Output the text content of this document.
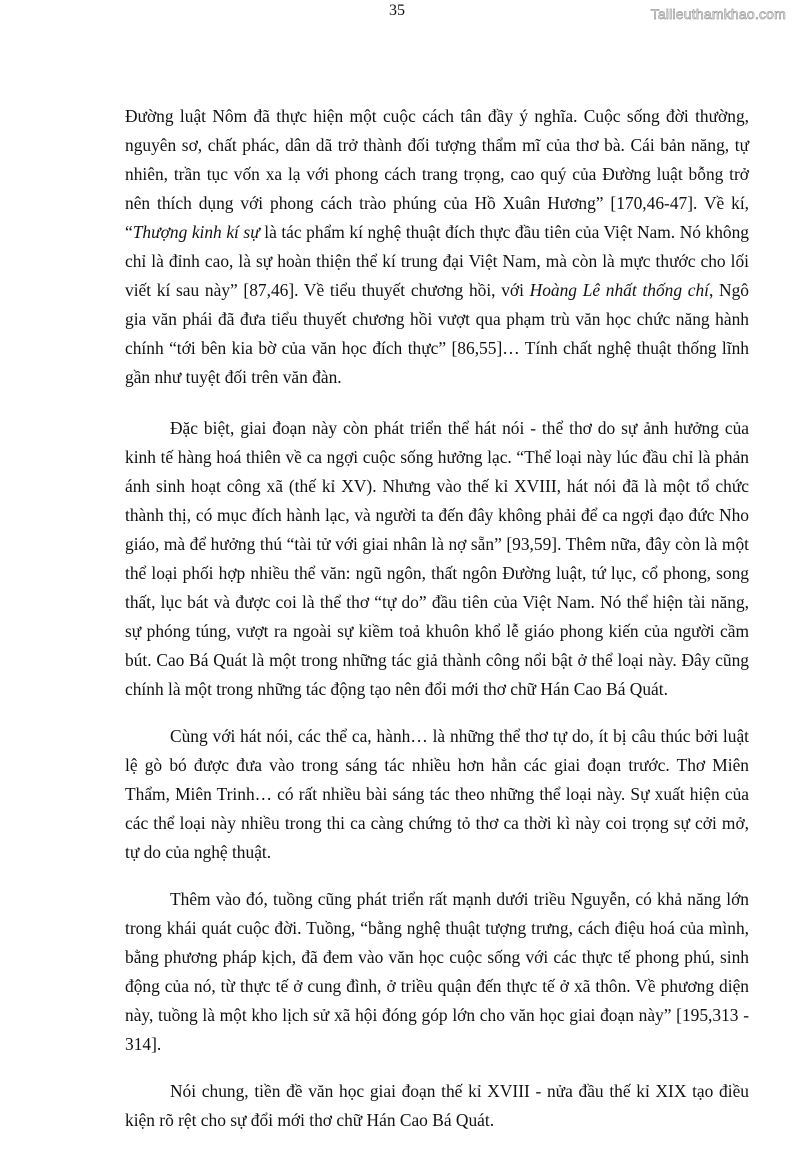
35	Tailieuthamkhao.com

Đường luật Nôm đã thực hiện một cuộc cách tân đầy ý nghĩa. Cuộc sống đời thường, nguyên sơ, chất phác, dân dã trở thành đối tượng thẩm mĩ của thơ bà. Cái bản năng, tự nhiên, trần tục vốn xa lạ với phong cách trang trọng, cao quý của Đường luật bỗng trở nên thích dụng với phong cách trào phúng của Hồ Xuân Hương” [170,46-47]. Về kí, “Thượng kinh kí sự là tác phẩm kí nghệ thuật đích thực đầu tiên của Việt Nam. Nó không chỉ là đỉnh cao, là sự hoàn thiện thể kí trung đại Việt Nam, mà còn là mực thước cho lối viết kí sau này” [87,46]. Về tiểu thuyết chương hồi, với Hoàng Lê nhất thống chí, Ngô gia văn phái đã đưa tiểu thuyết chương hồi vượt qua phạm trù văn học chức năng hành chính “tới bên kia bờ của văn học đích thực” [86,55]… Tính chất nghệ thuật thống lĩnh gần như tuyệt đối trên văn đàn.

Đặc biệt, giai đoạn này còn phát triển thể hát nói - thể thơ do sự ảnh hưởng của kinh tế hàng hoá thiên về ca ngợi cuộc sống hưởng lạc. “Thể loại này lúc đầu chỉ là phản ánh sinh hoạt công xã (thế kỉ XV). Nhưng vào thế kỉ XVIII, hát nói đã là một tổ chức thành thị, có mục đích hành lạc, và người ta đến đây không phải để ca ngợi đạo đức Nho giáo, mà để hưởng thú “tài tử với giai nhân là nợ sẵn” [93,59]. Thêm nữa, đây còn là một thể loại phối hợp nhiều thể văn: ngũ ngôn, thất ngôn Đường luật, tứ lục, cổ phong, song thất, lục bát và được coi là thể thơ “tự do” đầu tiên của Việt Nam. Nó thể hiện tài năng, sự phóng túng, vượt ra ngoài sự kiềm toả khuôn khổ lễ giáo phong kiến của người cầm bút. Cao Bá Quát là một trong những tác giả thành công nổi bật ở thể loại này. Đây cũng chính là một trong những tác động tạo nên đổi mới thơ chữ Hán Cao Bá Quát.

Cùng với hát nói, các thể ca, hành… là những thể thơ tự do, ít bị câu thúc bởi luật lệ gò bó được đưa vào trong sáng tác nhiều hơn hẳn các giai đoạn trước. Thơ Miên Thẩm, Miên Trinh… có rất nhiều bài sáng tác theo những thể loại này. Sự xuất hiện của các thể loại này nhiều trong thi ca càng chứng tỏ thơ ca thời kì này coi trọng sự cởi mở, tự do của nghệ thuật.

Thêm vào đó, tuồng cũng phát triển rất mạnh dưới triều Nguyễn, có khả năng lớn trong khái quát cuộc đời. Tuồng, “bằng nghệ thuật tượng trưng, cách điệu hoá của mình, bằng phương pháp kịch, đã đem vào văn học cuộc sống với các thực tế phong phú, sinh động của nó, từ thực tế ở cung đình, ở triều quận đến thực tế ở xã thôn. Về phương diện này, tuồng là một kho lịch sử xã hội đóng góp lớn cho văn học giai đoạn này” [195,313 - 314].

Nói chung, tiền đề văn học giai đoạn thế kỉ XVIII - nửa đầu thế kỉ XIX tạo điều kiện rõ rệt cho sự đổi mới thơ chữ Hán Cao Bá Quát.
